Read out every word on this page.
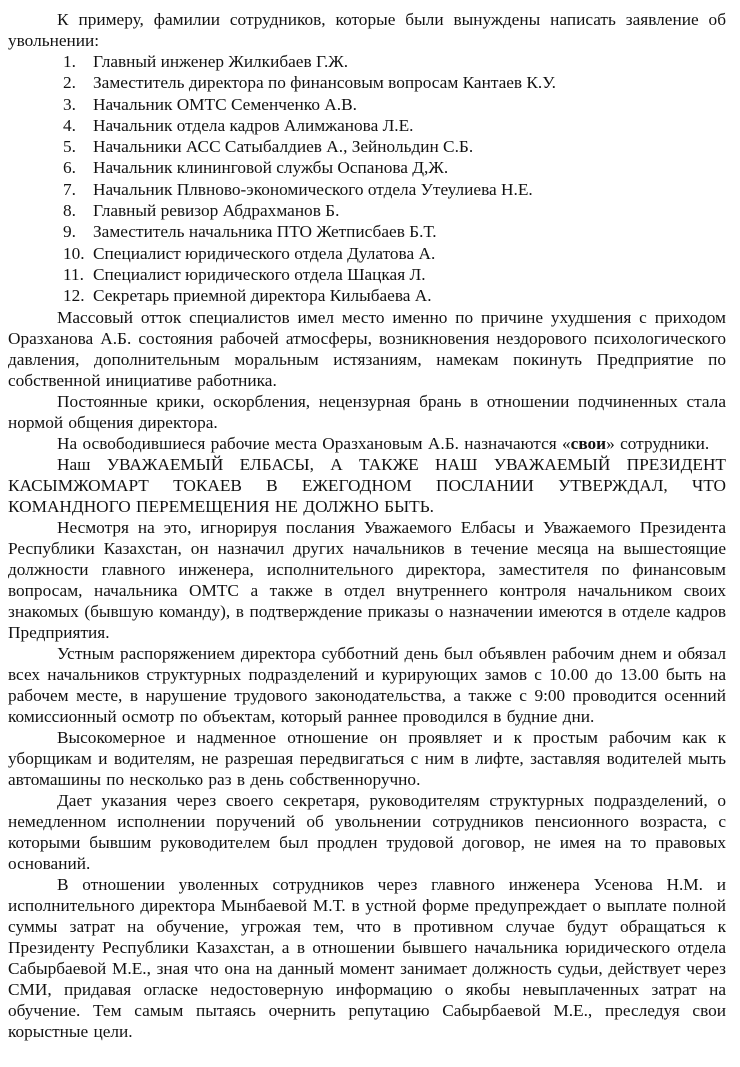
К примеру, фамилии сотрудников, которые были вынуждены написать заявление об увольнении:

1. Главный инженер Жилкибаев Г.Ж.
2. Заместитель директора по финансовым вопросам Кантаев К.У.
3. Начальник ОМТС Семенченко А.В.
4. Начальник отдела кадров Алимжанова Л.Е.
5. Начальники АСС Сатыбалдиев А., Зейнольдин С.Б.
6. Начальник клининговой службы Оспанова Д,Ж.
7. Начальник Плвново-экономического отдела Утеулиева Н.Е.
8. Главный ревизор Абдрахманов Б.
9. Заместитель начальника ПТО Жетписбаев Б.Т.
10. Специалист юридического отдела Дулатова А.
11. Специалист юридического отдела Шацкая Л.
12. Секретарь приемной директора Килыбаева А.

Массовый отток специалистов имел место именно по причине ухудшения с приходом Оразханова А.Б. состояния рабочей атмосферы, возникновения нездорового психологического давления, дополнительным моральным истязаниям, намекам покинуть Предприятие по собственной инициативе работника.

Постоянные крики, оскорбления, нецензурная брань в отношении подчиненных стала нормой общения директора.

На освободившиеся рабочие места Оразхановым А.Б. назначаются «свои» сотрудники.

Наш УВАЖАЕМЫЙ ЕЛБАСЫ, А ТАКЖЕ НАШ УВАЖАЕМЫЙ ПРЕЗИДЕНТ КАСЫМЖОМАРТ ТОКАЕВ В ЕЖЕГОДНОМ ПОСЛАНИИ УТВЕРЖДАЛ, ЧТО КОМАНДНОГО ПЕРЕМЕЩЕНИЯ НЕ ДОЛЖНО БЫТЬ.

Несмотря на это, игнорируя послания Уважаемого Елбасы и Уважаемого Президента Республики Казахстан, он назначил других начальников в течение месяца на вышестоящие должности главного инженера, исполнительного директора, заместителя по финансовым вопросам, начальника ОМТС а также в отдел внутреннего контроля начальником своих знакомых (бывшую команду), в подтверждение приказы о назначении имеются в отделе кадров Предприятия.

Устным распоряжением директора субботний день был объявлен рабочим днем и обязал всех начальников структурных подразделений и курирующих замов с 10.00 до 13.00 быть на рабочем месте, в нарушение трудового законодательства, а также с 9:00 проводится осенний комиссионный осмотр по объектам, который раннее проводился в будние дни.

Высокомерное и надменное отношение он проявляет и к простым рабочим как к уборщикам и водителям, не разрешая передвигаться с ним в лифте, заставляя водителей мыть автомашины по несколько раз в день собственноручно.

Дает указания через своего секретаря, руководителям структурных подразделений, о немедленном исполнении поручений об увольнении сотрудников пенсионного возраста, с которыми бывшим руководителем был продлен трудовой договор, не имея на то правовых оснований.

В отношении уволенных сотрудников через главного инженера Усенова Н.М. и исполнительного директора Мынбаевой М.Т. в устной форме предупреждает о выплате полной суммы затрат на обучение, угрожая тем, что в противном случае будут обращаться к Президенту Республики Казахстан, а в отношении бывшего начальника юридического отдела Сабырбаевой М.Е., зная что она на данный момент занимает должность судьи, действует через СМИ, придавая огласке недостоверную информацию о якобы невыплаченных затрат на обучение. Тем самым пытаясь очернить репутацию Сабырбаевой М.Е., преследуя свои корыстные цели.
